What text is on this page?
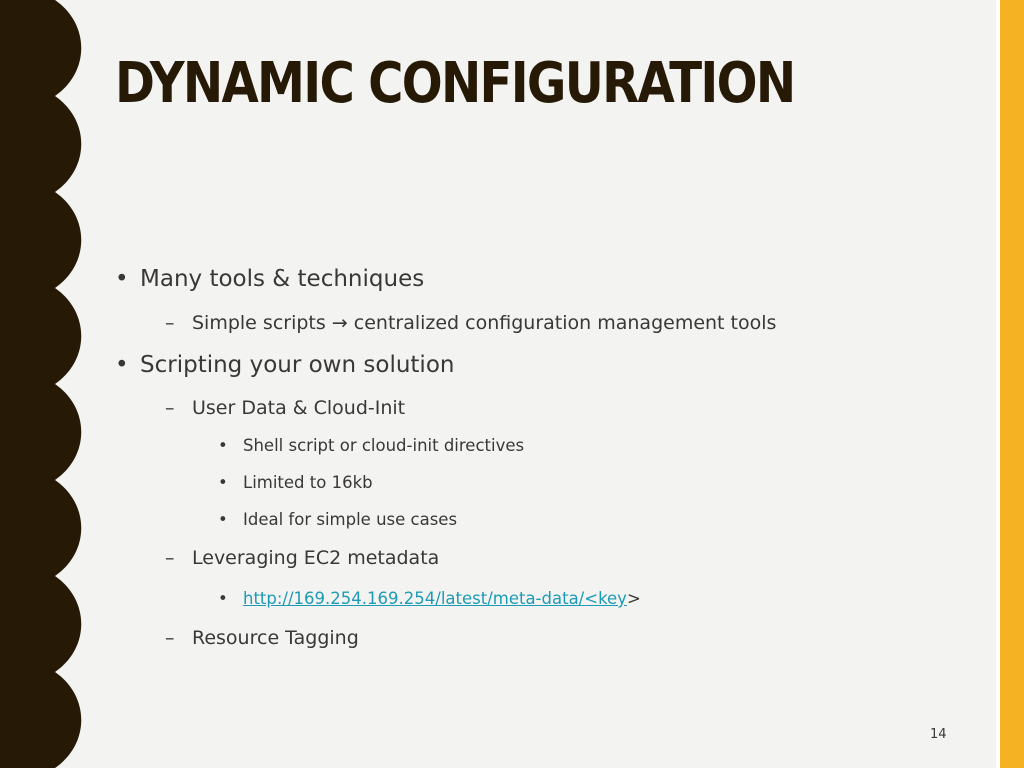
DYNAMIC CONFIGURATION
• Many tools & techniques
– Simple scripts → centralized configuration management tools
• Scripting your own solution
– User Data & Cloud-Init
• Shell script or cloud-init directives
• Limited to 16kb
• Ideal for simple use cases
– Leveraging EC2 metadata
• http://169.254.169.254/latest/meta-data/<key>
– Resource Tagging
14
